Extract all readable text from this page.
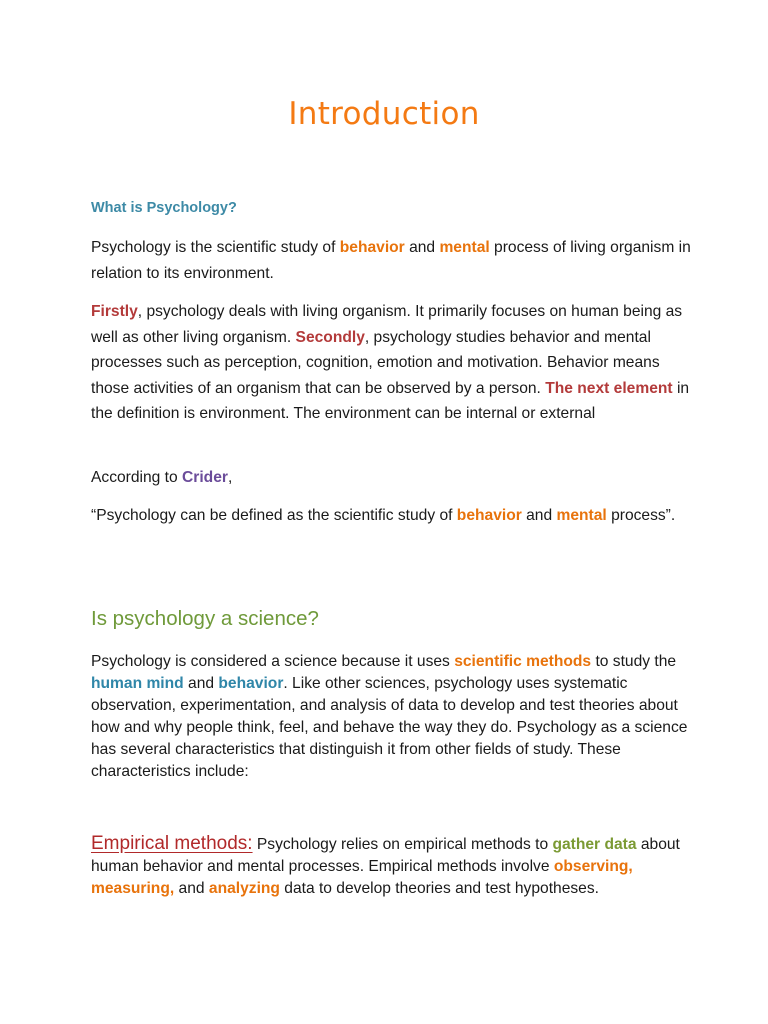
Introduction
What is Psychology?
Psychology is the scientific study of behavior and mental process of living organism in relation to its environment.
Firstly, psychology deals with living organism. It primarily focuses on human being as well as other living organism. Secondly, psychology studies behavior and mental processes such as perception, cognition, emotion and motivation. Behavior means those activities of an organism that can be observed by a person. The next element in the definition is environment. The environment can be internal or external
According to Crider,
“Psychology can be defined as the scientific study of behavior and mental process”.
Is psychology a science?
Psychology is considered a science because it uses scientific methods to study the human mind and behavior. Like other sciences, psychology uses systematic observation, experimentation, and analysis of data to develop and test theories about how and why people think, feel, and behave the way they do. Psychology as a science has several characteristics that distinguish it from other fields of study. These characteristics include:
Empirical methods: Psychology relies on empirical methods to gather data about human behavior and mental processes. Empirical methods involve observing, measuring, and analyzing data to develop theories and test hypotheses.
